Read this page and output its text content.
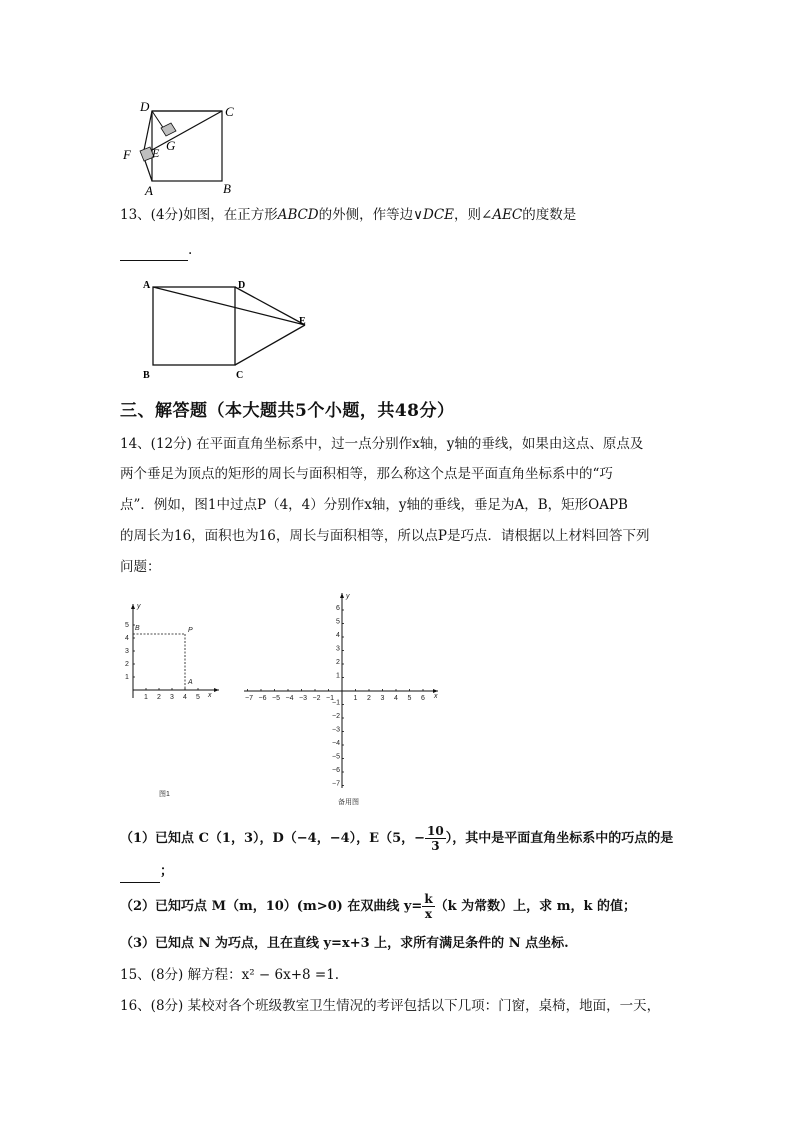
D	C
G
F E
A	B
13、(4分)如图，在正方形𝐴𝐵𝐶𝐷的外侧，作等边∨𝐷𝐶𝐸，则∠𝐴𝐸𝐶的度数是
.
A	D
E
B	C
三、解答题（本大题共5个小题，共48分）
14、(12分) 在平面直角坐标系中，过一点分别作x轴，y轴的垂线，如果由这点、原点及
两个垂足为顶点的矩形的周长与面积相等，那么称这个点是平面直角坐标系中的“巧
点”．例如，图1中过点P（4，4）分别作x轴，y轴的垂线，垂足为A，B，矩形OAPB
的周长为16，面积也为16，周长与面积相等，所以点P是巧点．请根据以上材料回答下列
问题：
x
y
1 2 3 4 5
1
2
3
4
5
P
B
A
图1
x
y
−7 −6 −5 −4 −3 −2 −1	1 2 3 4 5 6
6
5
4
3
2
1
−1
−2
−3
−4
−5
−6
−7
备用图
（1）已知点 C（1，3），D（−4，−4），E（5，− $\frac{10}{3}$ ），其中是平面直角坐标系中的巧点的是
；
（2）已知巧点 M（m，10）(m>0) 在双曲线 $y= \frac{k}{x} (k$ 为常数）上，求 m，k 的值；
（3）已知点 N 为巧点，且在直线 y=x+3 上，求所有满足条件的 N 点坐标.
15、(8分) 解方程：x² − 6x+8 =1.
16、(8分) 某校对各个班级教室卫生情况的考评包括以下几项：门窗，桌椅，地面，一天，
